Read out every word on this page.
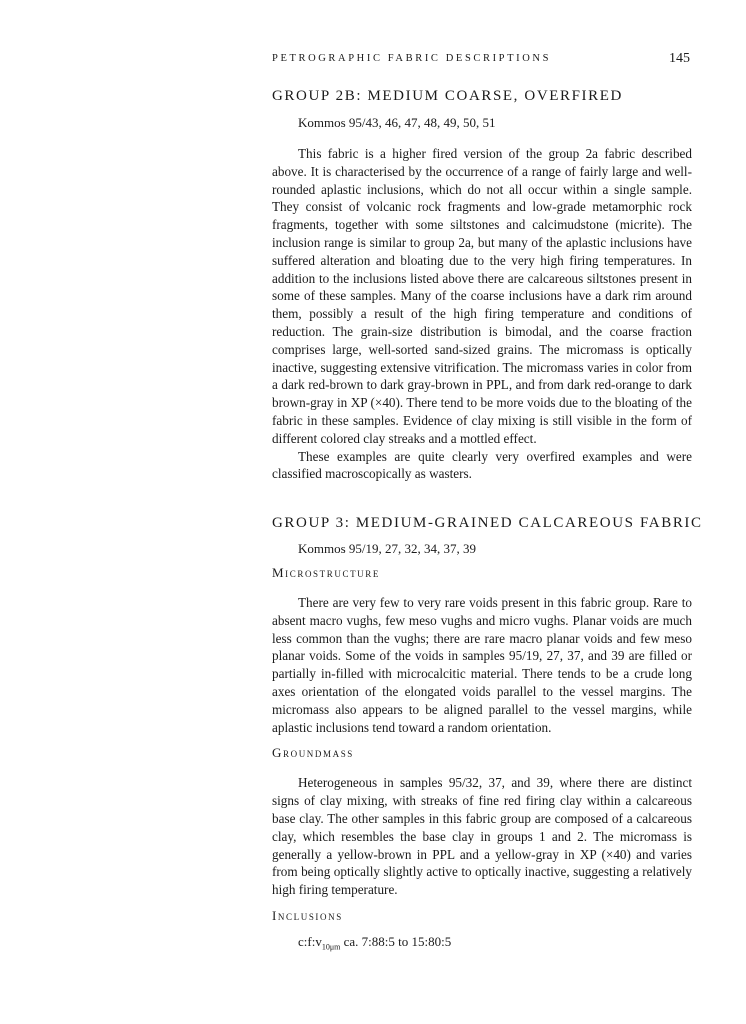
PETROGRAPHIC FABRIC DESCRIPTIONS	145
GROUP 2B: MEDIUM COARSE, OVERFIRED
Kommos 95/43, 46, 47, 48, 49, 50, 51

This fabric is a higher fired version of the group 2a fabric described above. It is characterised by the occurrence of a range of fairly large and well-rounded aplastic inclusions, which do not all occur within a single sample. They consist of volcanic rock fragments and low-grade metamorphic rock fragments, together with some siltstones and calcimudstone (micrite). The inclusion range is similar to group 2a, but many of the aplastic inclusions have suffered alteration and bloating due to the very high firing temperatures. In addition to the inclusions listed above there are calcareous siltstones present in some of these samples. Many of the coarse inclusions have a dark rim around them, possibly a result of the high firing temperature and conditions of reduction. The grain-size distribution is bimodal, and the coarse fraction comprises large, well-sorted sand-sized grains. The micromass is optically inactive, suggesting extensive vitrification. The micromass varies in color from a dark red-brown to dark gray-brown in PPL, and from dark red-orange to dark brown-gray in XP (×40). There tend to be more voids due to the bloating of the fabric in these samples. Evidence of clay mixing is still visible in the form of different colored clay streaks and a mottled effect.

These examples are quite clearly very overfired examples and were classified macroscopically as wasters.

GROUP 3: MEDIUM-GRAINED CALCAREOUS FABRIC
Kommos 95/19, 27, 32, 34, 37, 39
Microstructure

There are very few to very rare voids present in this fabric group. Rare to absent macro vughs, few meso vughs and micro vughs. Planar voids are much less common than the vughs; there are rare macro planar voids and few meso planar voids. Some of the voids in samples 95/19, 27, 37, and 39 are filled or partially in-filled with microcalcitic material. There tends to be a crude long axes orientation of the elongated voids parallel to the vessel margins. The micromass also appears to be aligned parallel to the vessel margins, while aplastic inclusions tend toward a random orientation.

Groundmass

Heterogeneous in samples 95/32, 37, and 39, where there are distinct signs of clay mixing, with streaks of fine red firing clay within a calcareous base clay. The other samples in this fabric group are composed of a calcareous clay, which resembles the base clay in groups 1 and 2. The micromass is generally a yellow-brown in PPL and a yellow-gray in XP (×40) and varies from being optically slightly active to optically inactive, suggesting a relatively high firing temperature.

Inclusions
$c:f:v_{10\mu m}$ ca. 7:88:5 to 15:80:5
